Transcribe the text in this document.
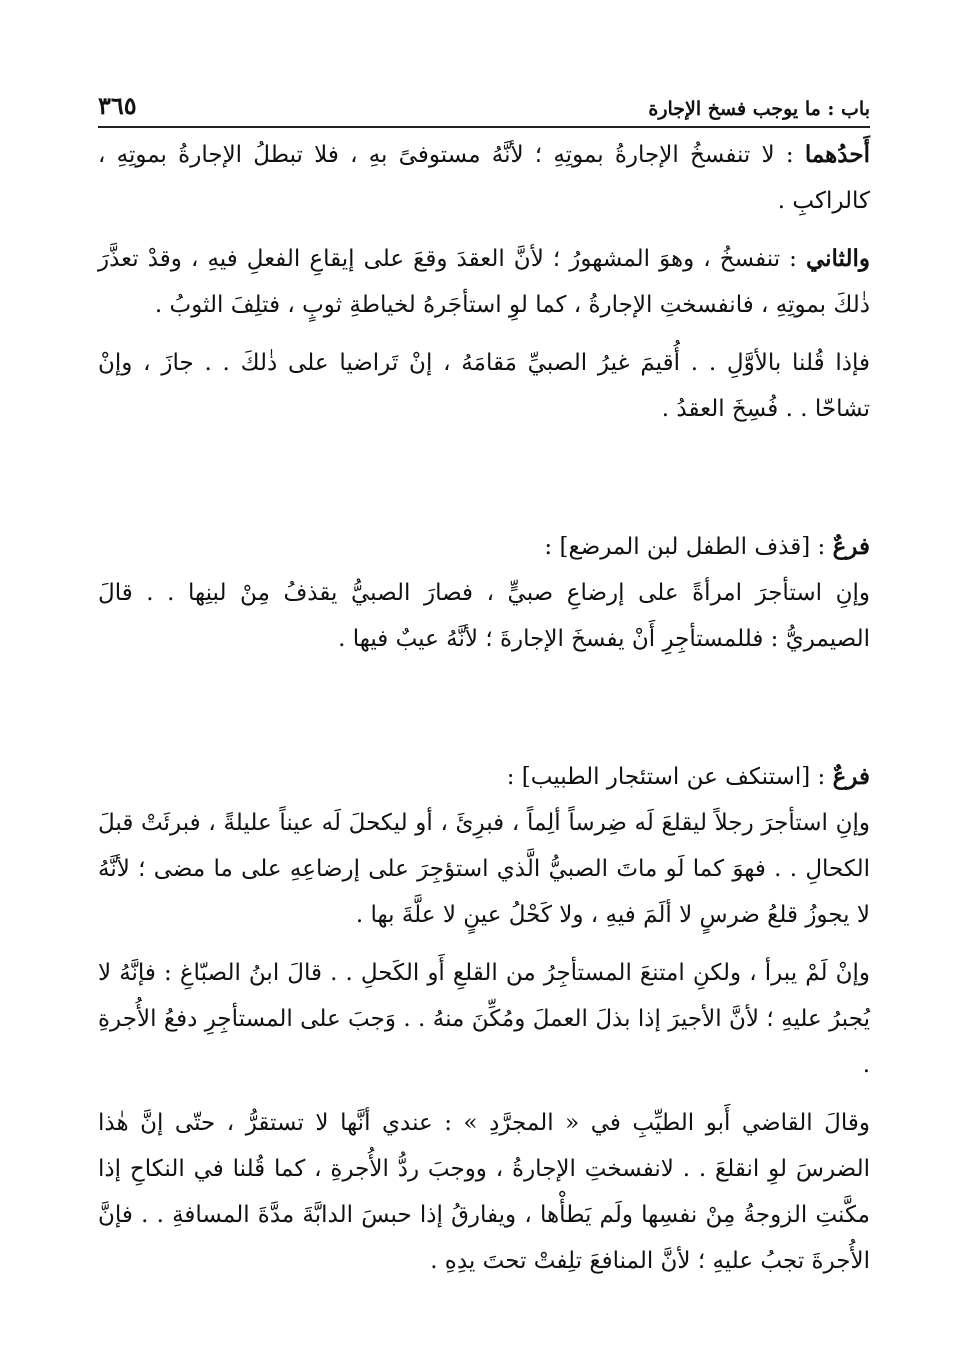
باب : ما يوجب فسخ الإجارة
٣٦٥

أَحدُهما : لا تنفسخُ الإجارةُ بموتِهِ ؛ لأنَّهُ مستوفىً بهِ ، فلا تبطلُ الإجارةُ بموتِهِ ، كالراكبِ .

والثاني : تنفسخُ ، وهوَ المشهورُ ؛ لأنَّ العقدَ وقعَ على إيقاعِ الفعلِ فيهِ ، وقدْ تعذَّرَ ذٰلكَ بموتِهِ ، فانفسختِ الإجارةُ ، كما لوِ استأجَرهُ لخياطةِ ثوبٍ ، فتلِفَ الثوبُ .

فإذا قُلنا بالأوَّلِ . . أُقيمَ غيرُ الصبيِّ مَقامَهُ ، إنْ تَراضيا على ذٰلكَ . . جازَ ، وإنْ تشاحّا . . فُسِخَ العقدُ .

فرعٌ : [قذف الطفل لبن المرضع] :

وإنِ استأجرَ امرأةً على إرضاعِ صبيٍّ ، فصارَ الصبيُّ يقذفُ مِنْ لبنِها . . قالَ الصيمريُّ : فللمستأجِرِ أَنْ يفسخَ الإجارةَ ؛ لأنَّهُ عيبٌ فيها .

فرعٌ : [استنكف عن استئجار الطبيب] :

وإنِ استأجرَ رجلاً ليقلعَ لَه ضِرساً ألِماً ، فبرِئَ ، أو ليكحلَ لَه عيناً عليلةً ، فبرئَتْ قبلَ الكحالِ . . فهوَ كما لَو ماتَ الصبيُّ الَّذي استؤجِرَ على إرضاعِهِ على ما مضى ؛ لأنَّهُ لا يجوزُ قلعُ ضرسٍ لا ألَمَ فيهِ ، ولا كَحْلُ عينٍ لا علَّةَ بها .

وإنْ لَمْ يبرأ ، ولكنِ امتنعَ المستأجِرُ من القلعِ أَو الكَحلِ . . قالَ ابنُ الصبّاغِ : فإنَّهُ لا يُجبرُ عليهِ ؛ لأنَّ الأجيرَ إذا بذلَ العملَ ومُكِّنَ منهُ . . وَجبَ على المستأجِرِ دفعُ الأُجرةِ .

وقالَ القاضي أَبو الطيِّبِ في « المجرَّدِ » : عندي أنَّها لا تستقرُّ ، حتّى إنَّ هٰذا الضرسَ لوِ انقلعَ . . لانفسختِ الإجارةُ ، ووجبَ ردُّ الأُجرةِ ، كما قُلنا في النكاحِ إذا مكَّنتِ الزوجةُ مِنْ نفسِها ولَم يَطأْها ، ويفارقُ إذا حبسَ الدابَّةَ مدَّةَ المسافةِ . . فإنَّ الأُجرةَ تجبُ عليهِ ؛ لأنَّ المنافعَ تلِفتْ تحتَ يدِهِ .
